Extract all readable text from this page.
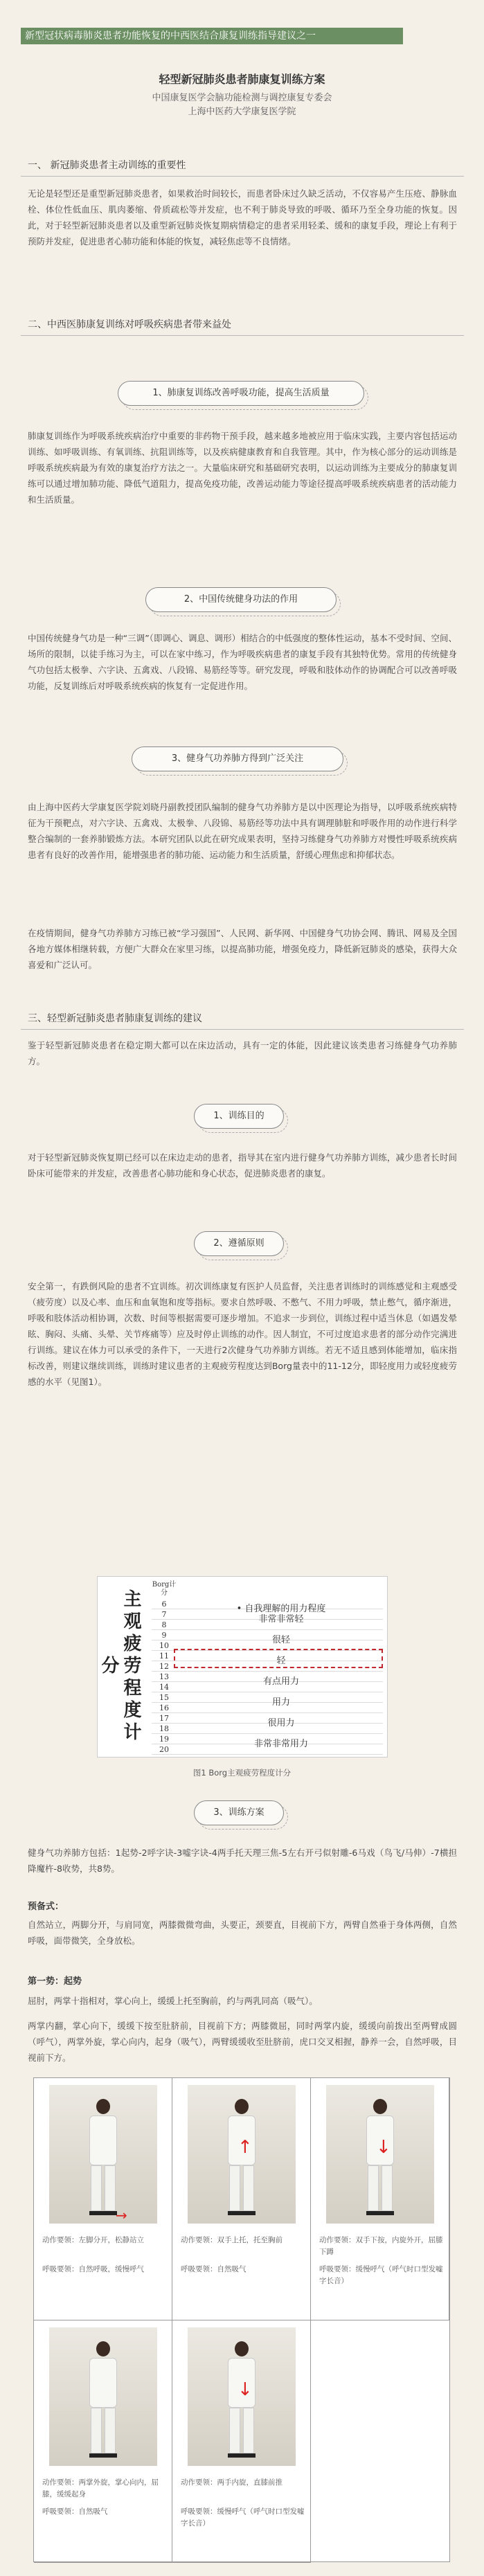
新型冠状病毒肺炎患者功能恢复的中西医结合康复训练指导建议之一
轻型新冠肺炎患者肺康复训练方案
中国康复医学会脑功能检测与调控康复专委会
上海中医药大学康复医学院
一、 新冠肺炎患者主动训练的重要性
无论是轻型还是重型新冠肺炎患者，如果救治时间较长，而患者卧床过久缺乏活动，不仅容易产生压疮、静脉血栓、体位性低血压、肌肉萎缩、骨质疏松等并发症，也不利于肺炎导致的呼吸、循环乃至全身功能的恢复。因此，对于轻型新冠肺炎患者以及重型新冠肺炎恢复期病情稳定的患者采用轻柔、缓和的康复手段，理论上有利于预防并发症，促进患者心肺功能和体能的恢复，减轻焦虑等不良情绪。
二、中西医肺康复训练对呼吸疾病患者带来益处
1、肺康复训练改善呼吸功能，提高生活质量
肺康复训练作为呼吸系统疾病治疗中重要的非药物干预手段，越来越多地被应用于临床实践，主要内容包括运动训练、如呼吸训练、有氧训练、抗阻训练等，以及疾病健康教育和自我管理。其中，作为核心部分的运动训练是呼吸系统疾病最为有效的康复治疗方法之一。大量临床研究和基础研究表明，以运动训练为主要成分的肺康复训练可以通过增加肺功能、降低气道阻力，提高免疫功能，改善运动能力等途径提高呼吸系统疾病患者的活动能力和生活质量。
2、中国传统健身功法的作用
中国传统健身气功是一种“三调”（即调心、调息、调形）相结合的中低强度的整体性运动，基本不受时间、空间、场所的限制，以徒手练习为主，可以在家中练习，作为呼吸疾病患者的康复手段有其独特优势。常用的传统健身气功包括太极拳、六字诀、五禽戏、八段锦、易筋经等等。研究发现，呼吸和肢体动作的协调配合可以改善呼吸功能，反复训练后对呼吸系统疾病的恢复有一定促进作用。
3、健身气功养肺方得到广泛关注
由上海中医药大学康复医学院刘晓丹副教授团队编制的健身气功养肺方是以中医理论为指导，以呼吸系统疾病特征为干预靶点，对六字诀、五禽戏、太极拳、八段锦、易筋经等功法中具有调理肺脏和呼吸作用的动作进行科学整合编制的一套养肺锻炼方法。本研究团队以此在研究成果表明，坚持习练健身气功养肺方对慢性呼吸系统疾病患者有良好的改善作用，能增强患者的肺功能、运动能力和生活质量，舒缓心理焦虑和抑郁状态。
在疫情期间，健身气功养肺方习练已被“学习强国”、人民网、新华网、中国健身气功协会网、腾讯、网易及全国各地方媒体相继转载，方便广大群众在家里习练，以提高肺功能，增强免疫力，降低新冠肺炎的感染，获得大众喜爱和广泛认可。
三、轻型新冠肺炎患者肺康复训练的建议
鉴于轻型新冠肺炎患者在稳定期大都可以在床边活动，具有一定的体能，因此建议该类患者习练健身气功养肺方。
1、训练目的
对于轻型新冠肺炎恢复期已经可以在床边走动的患者，指导其在室内进行健身气功养肺方训练，减少患者长时间卧床可能带来的并发症，改善患者心肺功能和身心状态，促进肺炎患者的康复。
2、遵循原则
安全第一，有跌倒风险的患者不宜训练。初次训练康复有医护人员监督，关注患者训练时的训练感觉和主观感受（疲劳度）以及心率、血压和血氧饱和度等指标。要求自然呼吸、不憋气、不用力呼吸，禁止憋气，循序渐进，呼吸和肢体活动相协调，次数、时间等根据需要可逐步增加。不追求一步到位，训练过程中适当休息（如遇发晕眩、胸闷、头痛、头晕、关节疼痛等）应及时停止训练的动作。因人制宜，不可过度追求患者的部分动作完满进行训练。建议在体力可以承受的条件下，一天进行2次健身气功养肺方训练。若无不适且感到体能增加，临床指标改善，则建议继续训练，训练时建议患者的主观疲劳程度达到Borg量表中的11-12分，即轻度用力或轻度疲劳感的水平（见图1）。
主观疲劳程度计分
Borg计分
6	• 自我理解的用力程度
7	非常非常轻
8
9	很轻
10
11	轻
12
13	有点用力
14
15	用力
16
17	很用力
18
19	非常非常用力
20
图1 Borg主观疲劳程度计分
3、训练方案
健身气功养肺方包括：1起势-2呼字诀-3嘘字诀-4两手托天理三焦-5左右开弓似射雕-6马戏（鸟飞/马伸）-7横担降魔杵-8收势，共8势。
预备式：
自然站立，两脚分开，与肩同宽，两膝微微弯曲，头要正，颈要直，目视前下方，两臂自然垂于身体两侧，自然呼吸，面带微笑，全身放松。
第一势：起势
屈肘，两掌十指相对，掌心向上，缓缓上托至胸前，约与两乳同高（吸气）。
两掌内翻，掌心向下，缓缓下按至肚脐前，目视前下方；两膝微屈，同时两掌内旋，缓缓向前拨出至两臂成圆（呼气），两掌外旋，掌心向内，起身（吸气），两臂缓缓收至肚脐前，虎口交叉相握，静养一会，自然呼吸，目视前下方。
→
动作要领：左脚分开，松静站立
呼吸要领：自然呼吸，缓慢呼气
↑
动作要领：双手上托，托至胸前
呼吸要领：自然吸气
↓
动作要领：双手下按，内旋外开，屈膝下蹲
呼吸要领：缓慢呼气（呼气时口型发嘘字长音）
动作要领：两掌外旋，掌心向内，屈膝，缓缓起身
呼吸要领：自然吸气
↓
动作要领：两手内旋，直膝前推
呼吸要领：缓慢呼气（呼气时口型发嘘字长音）
